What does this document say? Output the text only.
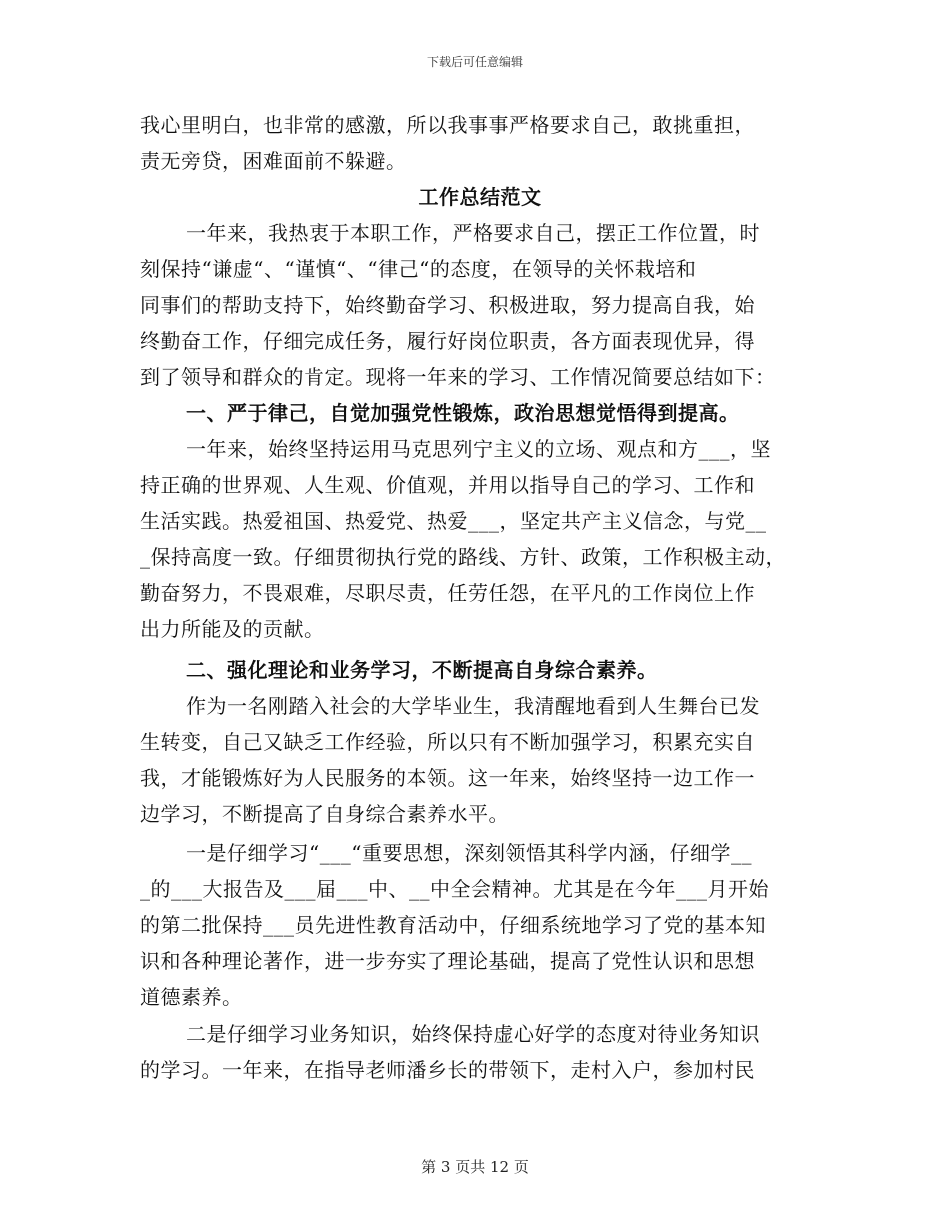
下载后可任意编辑
我心里明白，也非常的感激，所以我事事严格要求自己，敢挑重担，
责无旁贷，困难面前不躲避。
工作总结范文
一年来，我热衷于本职工作，严格要求自己，摆正工作位置，时
刻保持“谦虚“、“谨慎“、“律己“的态度，在领导的关怀栽培和
同事们的帮助支持下，始终勤奋学习、积极进取，努力提高自我，始
终勤奋工作，仔细完成任务，履行好岗位职责，各方面表现优异，得
到了领导和群众的肯定。现将一年来的学习、工作情况简要总结如下：
一、严于律己，自觉加强党性锻炼，政治思想觉悟得到提高。
一年来，始终坚持运用马克思列宁主义的立场、观点和方___，坚
持正确的世界观、人生观、价值观，并用以指导自己的学习、工作和
生活实践。热爱祖国、热爱党、热爱___，坚定共产主义信念，与党__
_保持高度一致。仔细贯彻执行党的路线、方针、政策，工作积极主动，
勤奋努力，不畏艰难，尽职尽责，任劳任怨，在平凡的工作岗位上作
出力所能及的贡献。
二、强化理论和业务学习，不断提高自身综合素养。
作为一名刚踏入社会的大学毕业生，我清醒地看到人生舞台已发
生转变，自己又缺乏工作经验，所以只有不断加强学习，积累充实自
我，才能锻炼好为人民服务的本领。这一年来，始终坚持一边工作一
边学习，不断提高了自身综合素养水平。
一是仔细学习“___“重要思想，深刻领悟其科学内涵，仔细学__
_的___大报告及___届___中、__中全会精神。尤其是在今年___月开始
的第二批保持___员先进性教育活动中，仔细系统地学习了党的基本知
识和各种理论著作，进一步夯实了理论基础，提高了党性认识和思想
道德素养。
二是仔细学习业务知识，始终保持虚心好学的态度对待业务知识
的学习。一年来，在指导老师潘乡长的带领下，走村入户，参加村民
第 3 页共 12 页
